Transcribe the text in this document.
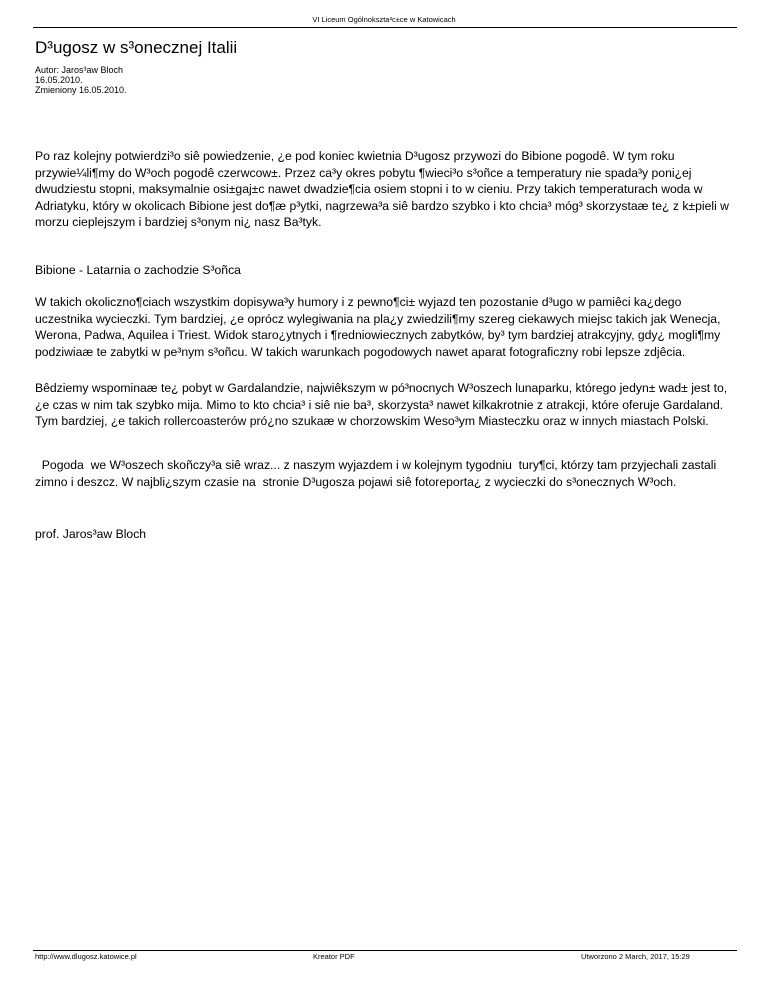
VI Liceum Ogólnokszta³c±ce w Katowicach
D³ugosz w s³onecznej Italii
Autor: Jaros³aw Bloch
16.05.2010.
Zmieniony 16.05.2010.

Po raz kolejny potwierdzi³o siê powiedzenie, ¿e pod koniec kwietnia D³ugosz przywozi do Bibione pogodê. W tym roku przywie¼li¶my do W³och pogodê czerwcow±. Przez ca³y okres pobytu ¶wieci³o s³oñce a temperatury nie spada³y poni¿ej dwudziestu stopni, maksymalnie osi±gaj±c nawet dwadzie¶cia osiem stopni i to w cieniu. Przy takich temperaturach woda w Adriatyku, który w okolicach Bibione jest do¶æ p³ytki, nagrzewa³a siê bardzo szybko i kto chcia³ móg³ skorzystaæ te¿ z k±pieli w morzu cieplejszym i bardziej s³onym ni¿ nasz Ba³tyk.

Bibione - Latarnia o zachodzie S³oñca

W takich okoliczno¶ciach wszystkim dopisywa³y humory i z pewno¶ci± wyjazd ten pozostanie d³ugo w pamiêci ka¿dego uczestnika wycieczki. Tym bardziej, ¿e oprócz wylegiwania na pla¿y zwiedzili¶my szereg ciekawych miejsc takich jak Wenecja, Werona, Padwa, Aquilea i Triest. Widok staro¿ytnych i ¶redniowiecznych zabytków, by³ tym bardziej atrakcyjny, gdy¿ mogli¶my podziwiaæ te zabytki w pe³nym s³oñcu. W takich warunkach pogodowych nawet aparat fotograficzny robi lepsze zdjêcia.

Bêdziemy wspominaæ te¿ pobyt w Gardalandzie, najwiêkszym w pó³nocnych W³oszech lunaparku, którego jedyn± wad± jest to, ¿e czas w nim tak szybko mija. Mimo to kto chcia³ i siê nie ba³, skorzysta³ nawet kilkakrotnie z atrakcji, które oferuje Gardaland. Tym bardziej, ¿e takich rollercoasterów pró¿no szukaæ w chorzowskim Weso³ym Miasteczku oraz w innych miastach Polski.

Pogoda  we W³oszech skoñczy³a siê wraz... z naszym wyjazdem i w kolejnym tygodniu  tury¶ci, którzy tam przyjechali zastali zimno i deszcz. W najbli¿szym czasie na  stronie D³ugosza pojawi siê fotoreporta¿ z wycieczki do s³onecznych W³och.

prof. Jaros³aw Bloch

http://www.dlugosz.katowice.pl	Kreator PDF	Utworzono 2 March, 2017, 15:29
